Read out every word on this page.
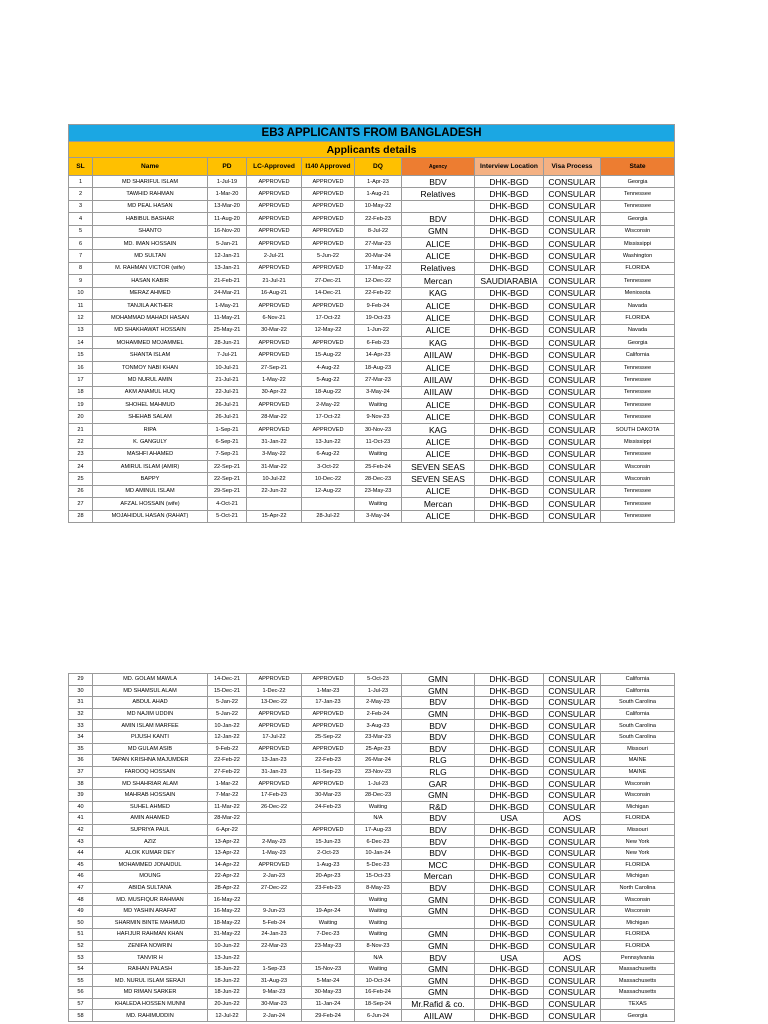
EB3 APPLICANTS FROM BANGLADESH									
Applicants details									
SL	Name	PD	LC-Approved	I140 Approved	DQ	Agency	Interview Location	Visa Process	State
1	MD SHARIFUL ISLAM	1-Jul-19	APPROVED	APPROVED	1-Apr-23	BDV	DHK-BGD	CONSULAR	Georgia
2	TAWHID RAHMAN	1-Mar-20	APPROVED	APPROVED	1-Aug-21	Relatives	DHK-BGD	CONSULAR	Tennessee
3	MD PEAL HASAN	13-Mar-20	APPROVED	APPROVED	10-May-22		DHK-BGD	CONSULAR	Tennessee
4	HABIBUL BASHAR	11-Aug-20	APPROVED	APPROVED	22-Feb-23	BDV	DHK-BGD	CONSULAR	Georgia
5	SHANTO	16-Nov-20	APPROVED	APPROVED	8-Jul-22	GMN	DHK-BGD	CONSULAR	Wisconsin
6	MD. IMAN HOSSAIN	5-Jan-21	APPROVED	APPROVED	27-Mar-23	ALICE	DHK-BGD	CONSULAR	Mississippi
7	MD SULTAN	12-Jan-21	2-Jul-21	5-Jun-22	20-Mar-24	ALICE	DHK-BGD	CONSULAR	Washington
8	M. RAHMAN VICTOR (wife)	13-Jan-21	APPROVED	APPROVED	17-May-22	Relatives	DHK-BGD	CONSULAR	FLORIDA
9	HASAN KABIR	21-Feb-21	21-Jul-21	27-Dec-21	12-Dec-22	Mercan	SAUDIARABIA	CONSULAR	Tennessee
10	MERAZ AHMED	24-Mar-21	16-Aug-21	14-Dec-21	22-Feb-22	KAG	DHK-BGD	CONSULAR	Meniosota
11	TANJILA AKTHER	1-May-21	APPROVED	APPROVED	9-Feb-24	ALICE	DHK-BGD	CONSULAR	Navada
12	MOHAMMAD MAHADI HASAN	11-May-21	6-Nov-21	17-Oct-22	19-Oct-23	ALICE	DHK-BGD	CONSULAR	FLORIDA
13	MD SHAKHAWAT HOSSAIN	25-May-21	30-Mar-22	12-May-22	1-Jun-22	ALICE	DHK-BGD	CONSULAR	Navada
14	MOHAMMED MOJAMMEL	28-Jun-21	APPROVED	APPROVED	6-Feb-23	KAG	DHK-BGD	CONSULAR	Georgia
15	SHANTA ISLAM	7-Jul-21	APPROVED	15-Aug-22	14-Apr-23	AIILAW	DHK-BGD	CONSULAR	California
16	TONMOY NABI KHAN	10-Jul-21	27-Sep-21	4-Aug-22	18-Aug-23	ALICE	DHK-BGD	CONSULAR	Tennessee
17	MD NURUL AMIN	21-Jul-21	1-May-22	5-Aug-22	27-Mar-23	AIILAW	DHK-BGD	CONSULAR	Tennessee
18	AKM ANAMUL HUQ	22-Jul-21	30-Apr-22	18-Aug-22	3-May-24	AIILAW	DHK-BGD	CONSULAR	Tennessee
19	SHOHEL MAHMUD	26-Jul-21	APPROVED	2-May-22	Waiting	ALICE	DHK-BGD	CONSULAR	Tennessee
20	SHEHAB SALAM	26-Jul-21	28-Mar-22	17-Oct-22	9-Nov-23	ALICE	DHK-BGD	CONSULAR	Tennessee
21	RIPA	1-Sep-21	APPROVED	APPROVED	30-Nov-23	KAG	DHK-BGD	CONSULAR	SOUTH DAKOTA
22	K. GANGULY	6-Sep-21	31-Jan-22	13-Jun-22	11-Oct-23	ALICE	DHK-BGD	CONSULAR	Mississippi
23	MASHFI AHAMED	7-Sep-21	3-May-22	6-Aug-22	Waiting	ALICE	DHK-BGD	CONSULAR	Tennessee
24	AMIRUL ISLAM (AMIR)	22-Sep-21	31-Mar-22	3-Oct-22	25-Feb-24	SEVEN SEAS	DHK-BGD	CONSULAR	Wisconsin
25	BAPPY	22-Sep-21	10-Jul-22	10-Dec-22	28-Dec-23	SEVEN SEAS	DHK-BGD	CONSULAR	Wisconsin
26	MD AMINUL ISLAM	29-Sep-21	22-Jun-22	12-Aug-22	23-May-23	ALICE	DHK-BGD	CONSULAR	Tennessee
27	AFZAL HOSSAIN (wife)	4-Oct-21			Waiting	Mercan	DHK-BGD	CONSULAR	Tennessee
28	MOJAHIDUL HASAN (RAHAT)	5-Oct-21	15-Apr-22	28-Jul-22	3-May-24	ALICE	DHK-BGD	CONSULAR	Tennessee
29	MD. GOLAM MAWLA	14-Dec-21	APPROVED	APPROVED	5-Oct-23	GMN	DHK-BGD	CONSULAR	California
30	MD SHAMSUL ALAM	15-Dec-21	1-Dec-22	1-Mar-23	1-Jul-23	GMN	DHK-BGD	CONSULAR	California
31	ABDUL AHAD	5-Jan-22	13-Dec-22	17-Jan-23	2-May-23	BDV	DHK-BGD	CONSULAR	South Carolina
32	MD NAJIM UDDIN	5-Jan-22	APPROVED	APPROVED	2-Feb-24	GMN	DHK-BGD	CONSULAR	California
33	AMIN ISLAM MARFEE	10-Jan-22	APPROVED	APPROVED	3-Aug-23	BDV	DHK-BGD	CONSULAR	South Carolina
34	PIJUSH KANTI	12-Jan-22	17-Jul-22	25-Sep-22	23-Mar-23	BDV	DHK-BGD	CONSULAR	South Carolina
35	MD GULAM ASIB	9-Feb-22	APPROVED	APPROVED	25-Apr-23	BDV	DHK-BGD	CONSULAR	Missouri
36	TAPAN KRISHNA MAJUMDER	22-Feb-22	13-Jan-23	22-Feb-23	26-Mar-24	RLG	DHK-BGD	CONSULAR	MAINE
37	FAROOQ HOSSAIN	27-Feb-22	31-Jan-23	11-Sep-23	23-Nov-23	RLG	DHK-BGD	CONSULAR	MAINE
38	MD SHAHRIAR ALAM	1-Mar-22	APPROVED	APPROVED	1-Jul-23	GAR	DHK-BGD	CONSULAR	Wisconsin
39	MAHRAB HOSSAIN	7-Mar-22	17-Feb-23	30-Mar-23	28-Dec-23	GMN	DHK-BGD	CONSULAR	Wisconsin
40	SUHEL AHMED	11-Mar-22	26-Dec-22	24-Feb-23	Waiting	R&D	DHK-BGD	CONSULAR	Michigan
41	AMIN AHAMED	28-Mar-22			N/A	BDV	USA	AOS	FLORIDA
42	SUPRIYA PAUL	6-Apr-22		APPROVED	17-Aug-23	BDV	DHK-BGD	CONSULAR	Missouri
43	AZIZ	13-Apr-22	2-May-23	15-Jun-23	6-Dec-23	BDV	DHK-BGD	CONSULAR	New York
44	ALOK KUMAR DEY	13-Apr-22	1-May-23	2-Oct-23	10-Jan-24	BDV	DHK-BGD	CONSULAR	New York
45	MOHAMMED JONAIDUL	14-Apr-22	APPROVED	1-Aug-23	5-Dec-23	MCC	DHK-BGD	CONSULAR	FLORIDA
46	MOUNG	22-Apr-22	2-Jan-23	20-Apr-23	15-Oct-23	Mercan	DHK-BGD	CONSULAR	Michigan
47	ABIDA SULTANA	28-Apr-22	27-Dec-22	23-Feb-23	8-May-23	BDV	DHK-BGD	CONSULAR	North Carolina
48	MD. MUSFIQUR RAHMAN	16-May-22			Waiting	GMN	DHK-BGD	CONSULAR	Wisconsin
49	MD YASHIN ARAFAT	16-May-22	9-Jun-23	19-Apr-24	Waiting	GMN	DHK-BGD	CONSULAR	Wisconsin
50	SHARMIN BINTE MAHMUD	18-May-22	5-Feb-24	Waiting	Waiting		DHK-BGD	CONSULAR	Michigan
51	HAFIJUR RAHMAN KHAN	31-May-22	24-Jan-23	7-Dec-23	Waiting	GMN	DHK-BGD	CONSULAR	FLORIDA
52	ZENIFA NOWRIN	10-Jun-22	22-Mar-23	23-May-23	8-Nov-23	GMN	DHK-BGD	CONSULAR	FLORIDA
53	TANVIR H	13-Jun-22			N/A	BDV	USA	AOS	Pennsylvania
54	RAIHAN PALASH	18-Jun-22	1-Sep-23	15-Nov-23	Waiting	GMN	DHK-BGD	CONSULAR	Massachusetts
55	MD. NURUL ISLAM SERAJI	18-Jun-22	31-Aug-23	5-Mar-24	10-Oct-24	GMN	DHK-BGD	CONSULAR	Massachusetts
56	MD RIMAN SARKER	18-Jun-22	9-Mar-23	30-May-23	16-Feb-24	GMN	DHK-BGD	CONSULAR	Massachusetts
57	KHALEDA HOSSEN MUNNI	20-Jun-22	30-Mar-23	11-Jan-24	18-Sep-24	Mr.Rafid & co.	DHK-BGD	CONSULAR	TEXAS
58	MD. RAHIMUDDIN	12-Jul-22	2-Jan-24	29-Feb-24	6-Jun-24	AIILAW	DHK-BGD	CONSULAR	Georgia
